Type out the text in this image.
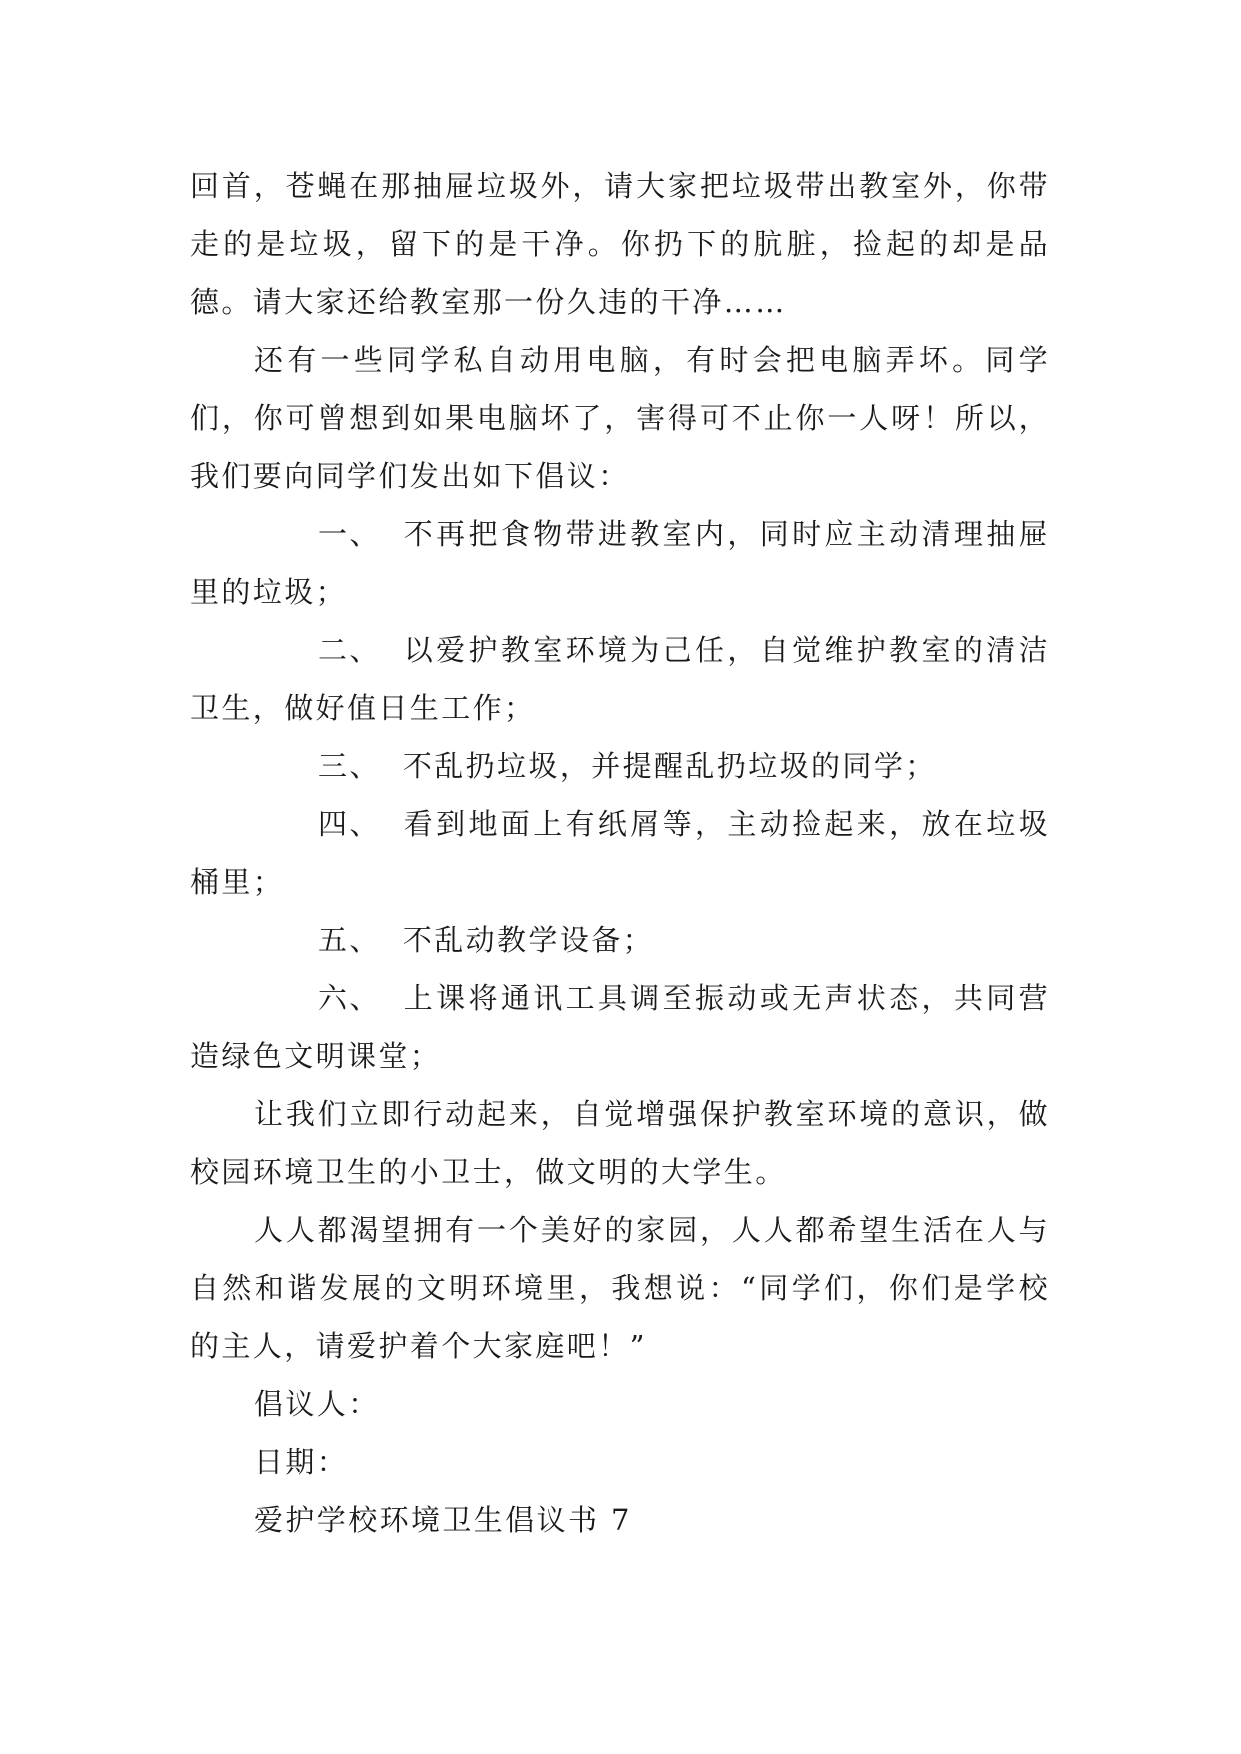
回首，苍蝇在那抽屉垃圾外，请大家把垃圾带出教室外，你带走的是垃圾，留下的是干净。你扔下的肮脏，捡起的却是品德。请大家还给教室那一份久违的干净……

还有一些同学私自动用电脑，有时会把电脑弄坏。同学们，你可曾想到如果电脑坏了，害得可不止你一人呀！所以，我们要向同学们发出如下倡议：

一、 不再把食物带进教室内，同时应主动清理抽屉里的垃圾；

二、 以爱护教室环境为己任，自觉维护教室的清洁卫生，做好值日生工作；

三、 不乱扔垃圾，并提醒乱扔垃圾的同学；

四、 看到地面上有纸屑等，主动捡起来，放在垃圾桶里；

五、 不乱动教学设备；

六、 上课将通讯工具调至振动或无声状态，共同营造绿色文明课堂；

让我们立即行动起来，自觉增强保护教室环境的意识，做校园环境卫生的小卫士，做文明的大学生。

人人都渴望拥有一个美好的家园，人人都希望生活在人与自然和谐发展的文明环境里，我想说：“同学们，你们是学校的主人，请爱护着个大家庭吧！”

倡议人：

日期：

爱护学校环境卫生倡议书 7
